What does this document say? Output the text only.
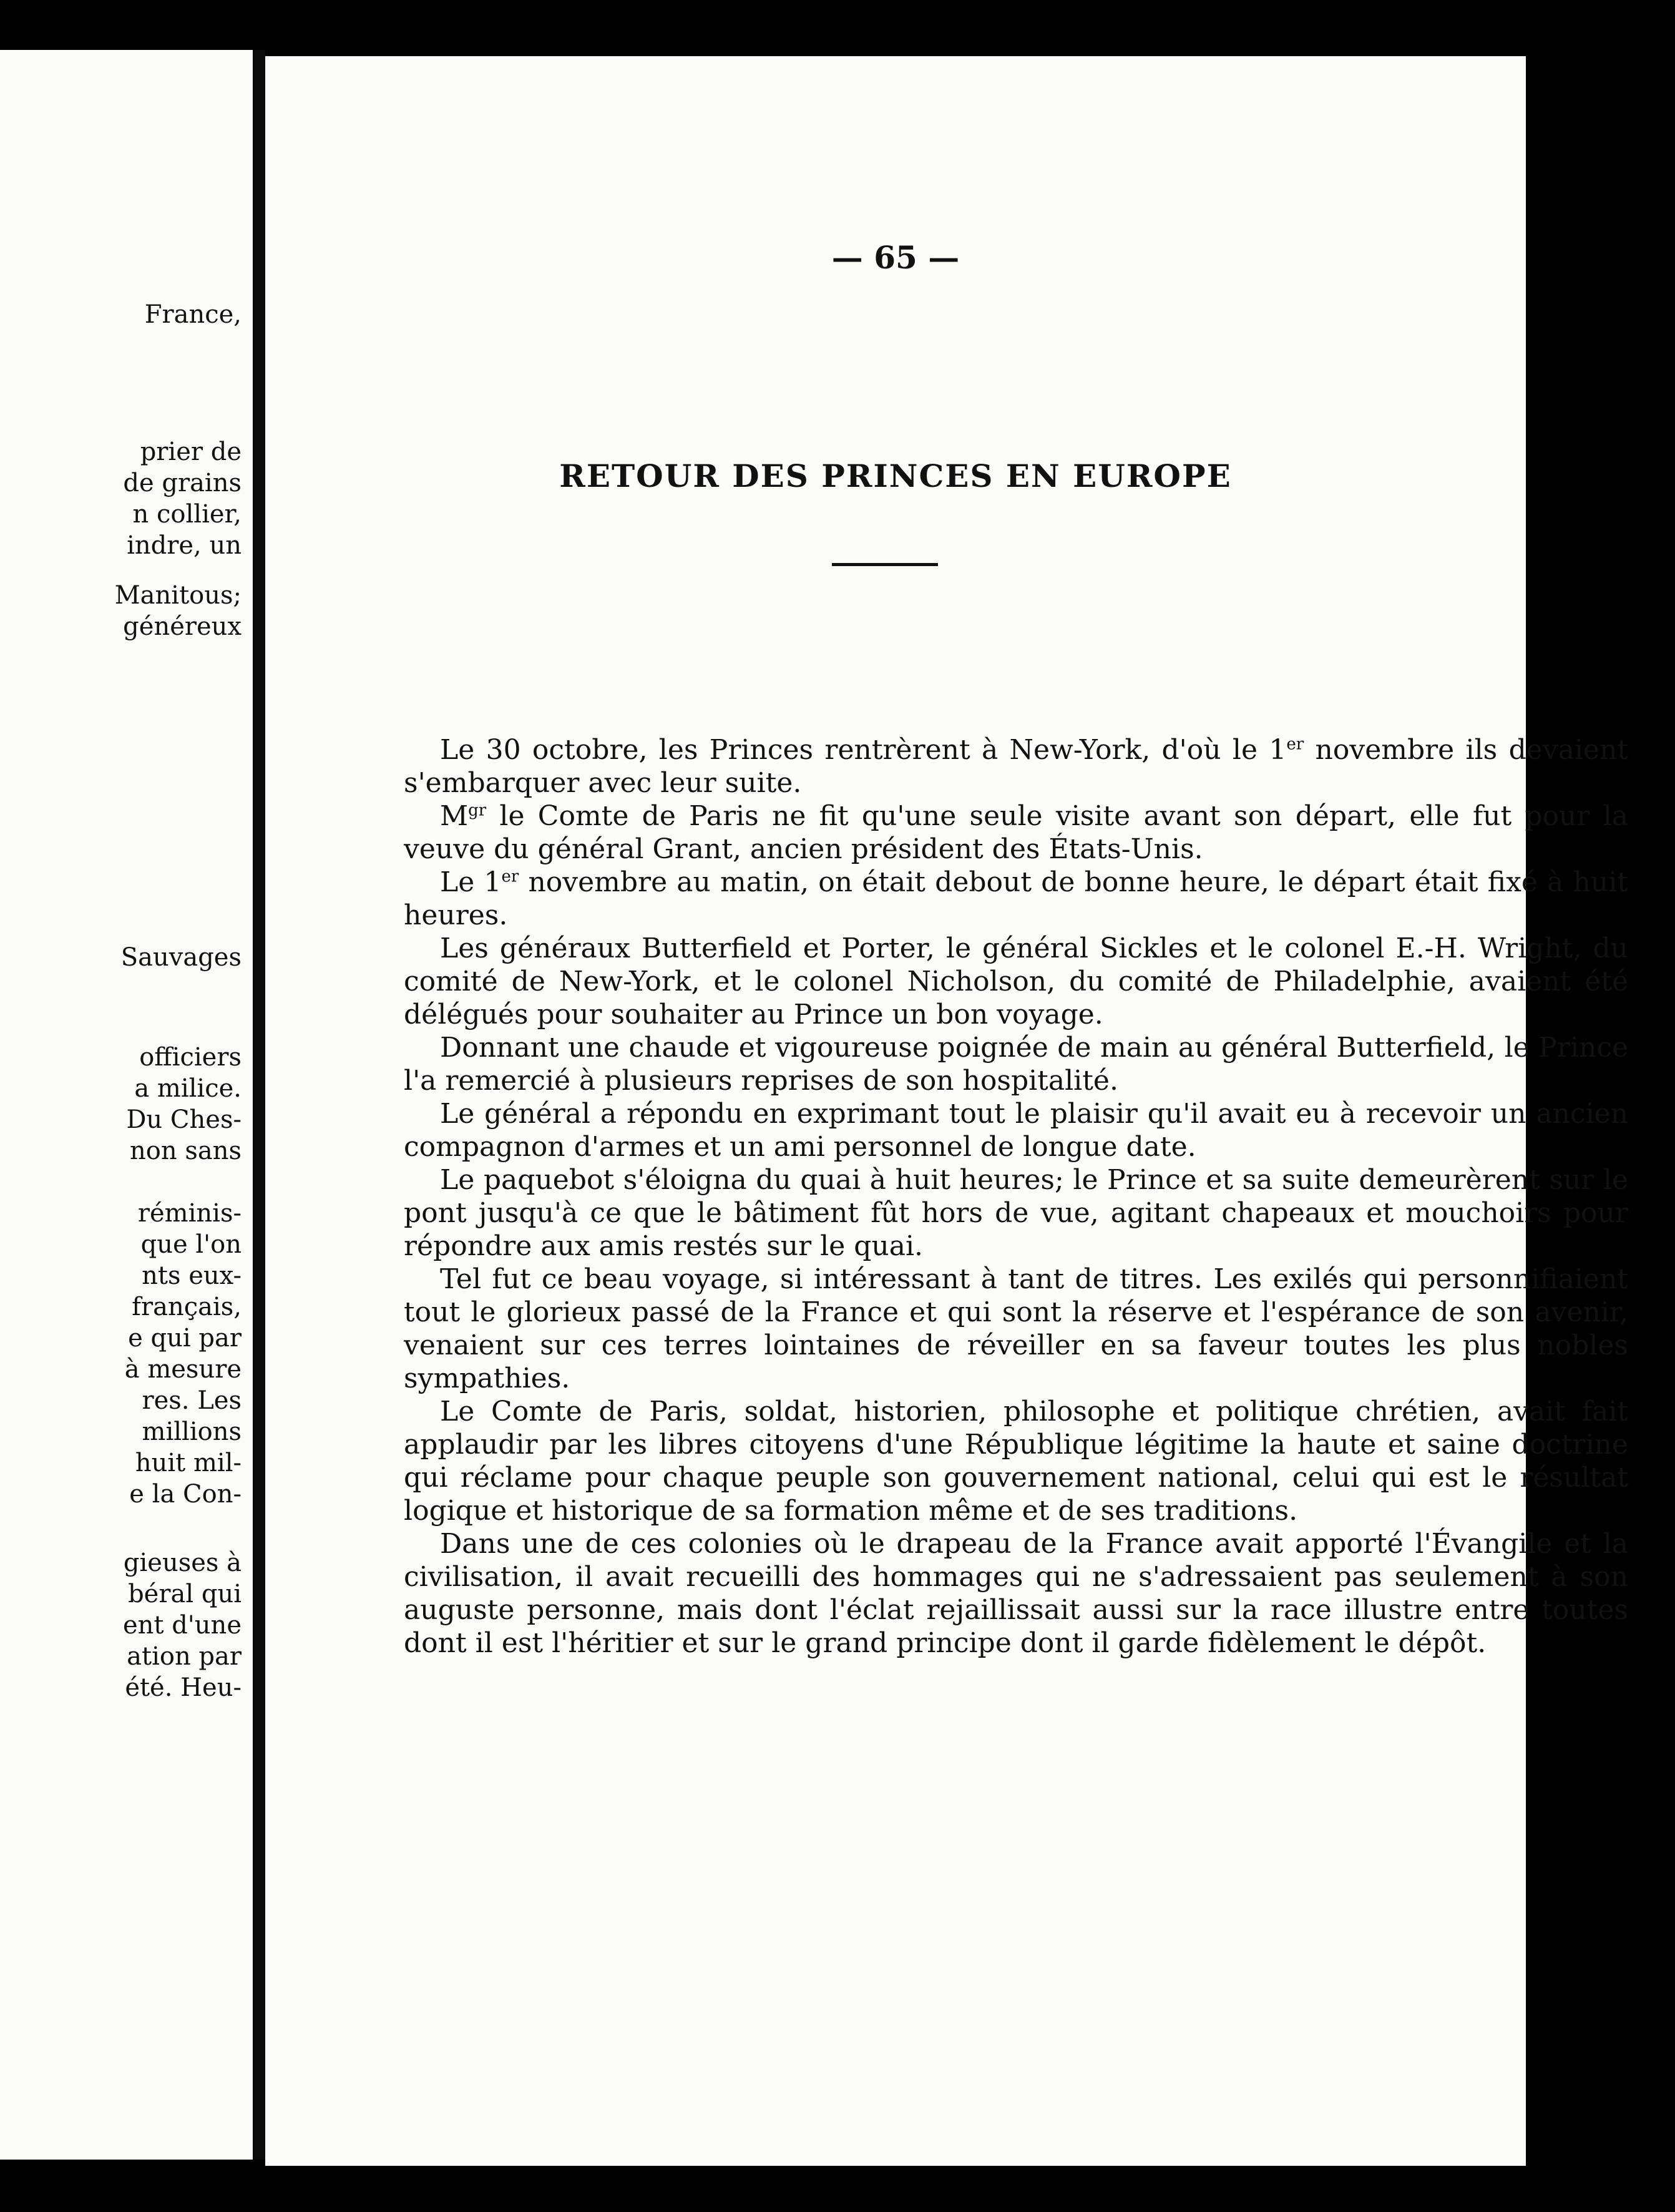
France,
prier de
de grains
n collier,
indre, un
Manitous;
généreux
Sauvages
officiers
a milice.
Du Ches-
non sans
réminis-
que l'on
nts eux-
français,
e qui par
à mesure
res. Les
millions
huit mil-
e la Con-
gieuses à
béral qui
ent d'une
ation par
été. Heu-
— 65 —
RETOUR DES PRINCES EN EUROPE

Le 30 octobre, les Princes rentrèrent à New-York, d'où le 1er novembre ils devaient s'embarquer avec leur suite.

$M^{gr}$ le Comte de Paris ne fit qu'une seule visite avant son départ, elle fut pour la veuve du général Grant, ancien président des États-Unis.

Le 1er novembre au matin, on était debout de bonne heure, le départ était fixé à huit heures.

Les généraux Butterfield et Porter, le général Sickles et le colonel E.-H. Wright, du comité de New-York, et le colonel Nicholson, du comité de Philadelphie, avaient été délégués pour souhaiter au Prince un bon voyage.

Donnant une chaude et vigoureuse poignée de main au général Butterfield, le Prince l'a remercié à plusieurs reprises de son hospitalité.

Le général a répondu en exprimant tout le plaisir qu'il avait eu à recevoir un ancien compagnon d'armes et un ami personnel de longue date.

Le paquebot s'éloigna du quai à huit heures; le Prince et sa suite demeurèrent sur le pont jusqu'à ce que le bâtiment fût hors de vue, agitant chapeaux et mouchoirs pour répondre aux amis restés sur le quai.

Tel fut ce beau voyage, si intéressant à tant de titres. Les exilés qui personnifiaient tout le glorieux passé de la France et qui sont la réserve et l'espérance de son avenir, venaient sur ces terres lointaines de réveiller en sa faveur toutes les plus nobles sympathies.

Le Comte de Paris, soldat, historien, philosophe et politique chrétien, avait fait applaudir par les libres citoyens d'une République légitime la haute et saine doctrine qui réclame pour chaque peuple son gouvernement national, celui qui est le résultat logique et historique de sa formation même et de ses traditions.

Dans une de ces colonies où le drapeau de la France avait apporté l'Évangile et la civilisation, il avait recueilli des hommages qui ne s'adressaient pas seulement à son auguste personne, mais dont l'éclat rejaillissait aussi sur la race illustre entre toutes dont il est l'héritier et sur le grand principe dont il garde fidèlement le dépôt.
